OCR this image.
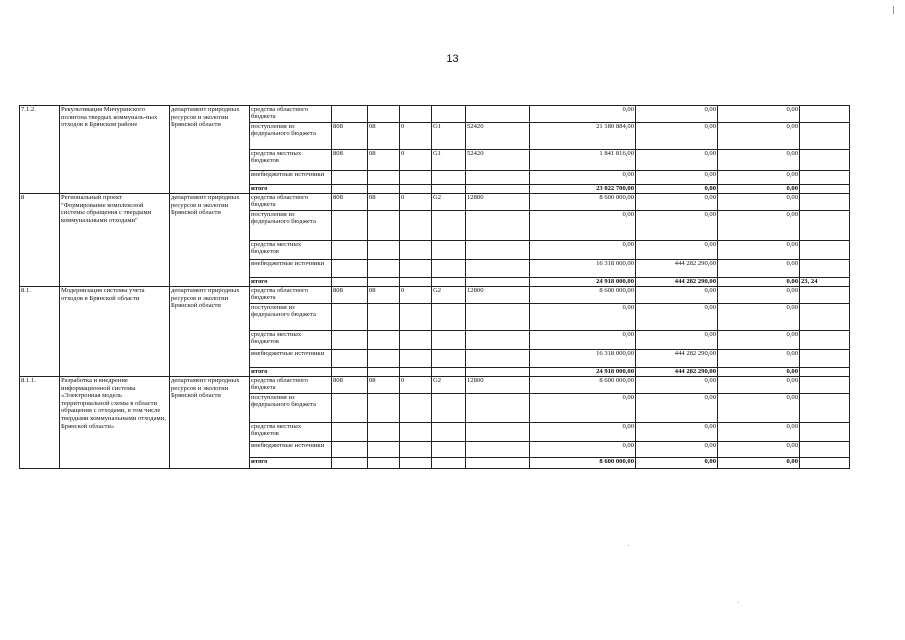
13
7.1.2.	Рекультивация Мичуринского полигона твердых коммуналь-ных отходов в Брянском районе	департамент природных ресурсов и экологии Брянской области	средства областного бюджета						0,00	0,00	0,00	
			поступления из федерального бюджета	808	08	0	G1	52420	21 180 884,00	0,00	0,00	
			средства местных бюджетов	808	08	0	G1	52420	1 841 816,00	0,00	0,00	
			внебюджетные источники						0,00	0,00	0,00	
			итого						23 022 700,00	0,00	0,00	
8	Региональный проект "Формирование комплексной системы обращения с твердыми коммунальными отходами"	департамент природных ресурсов и экологии Брянской области	средства областного бюджета	808	08	0	G2	12800	8 600 000,00	0,00	0,00	
			поступления из федерального бюджета						0,00	0,00	0,00	
			средства местных бюджетов						0,00	0,00	0,00	
			внебюджетные источники						16 318 000,00	444 282 290,00	0,00	
			итого						24 918 000,00	444 282 290,00	0,00	23, 24
8.1.	Модернизация системы учета отходов в Брянской области	департамент природных ресурсов и экологии Брянской области	средства областного бюджета	808	08	0	G2	12800	8 600 000,00	0,00	0,00	
			поступления из федерального бюджета						0,00	0,00	0,00	
			средства местных бюджетов						0,00	0,00	0,00	
			внебюджетные источники						16 318 000,00	444 282 290,00	0,00	
			итого						24 918 000,00	444 282 290,00	0,00	
8.1.1.	Разработка и внедрение информационной системы «Электронная модель территориальной схемы в области обращения с отходами, в том числе твердыми коммунальными отходами, Брянской области»	департамент природных ресурсов и экологии Брянской области	средства областного бюджета	808	08	0	G2	12800	8 600 000,00	0,00	0,00	
			поступления из федерального бюджета						0,00	0,00	0,00	
			средства местных бюджетов						0,00	0,00	0,00	
			внебюджетные источники						0,00	0,00	0,00	
			итого						8 600 000,00	0,00	0,00	
